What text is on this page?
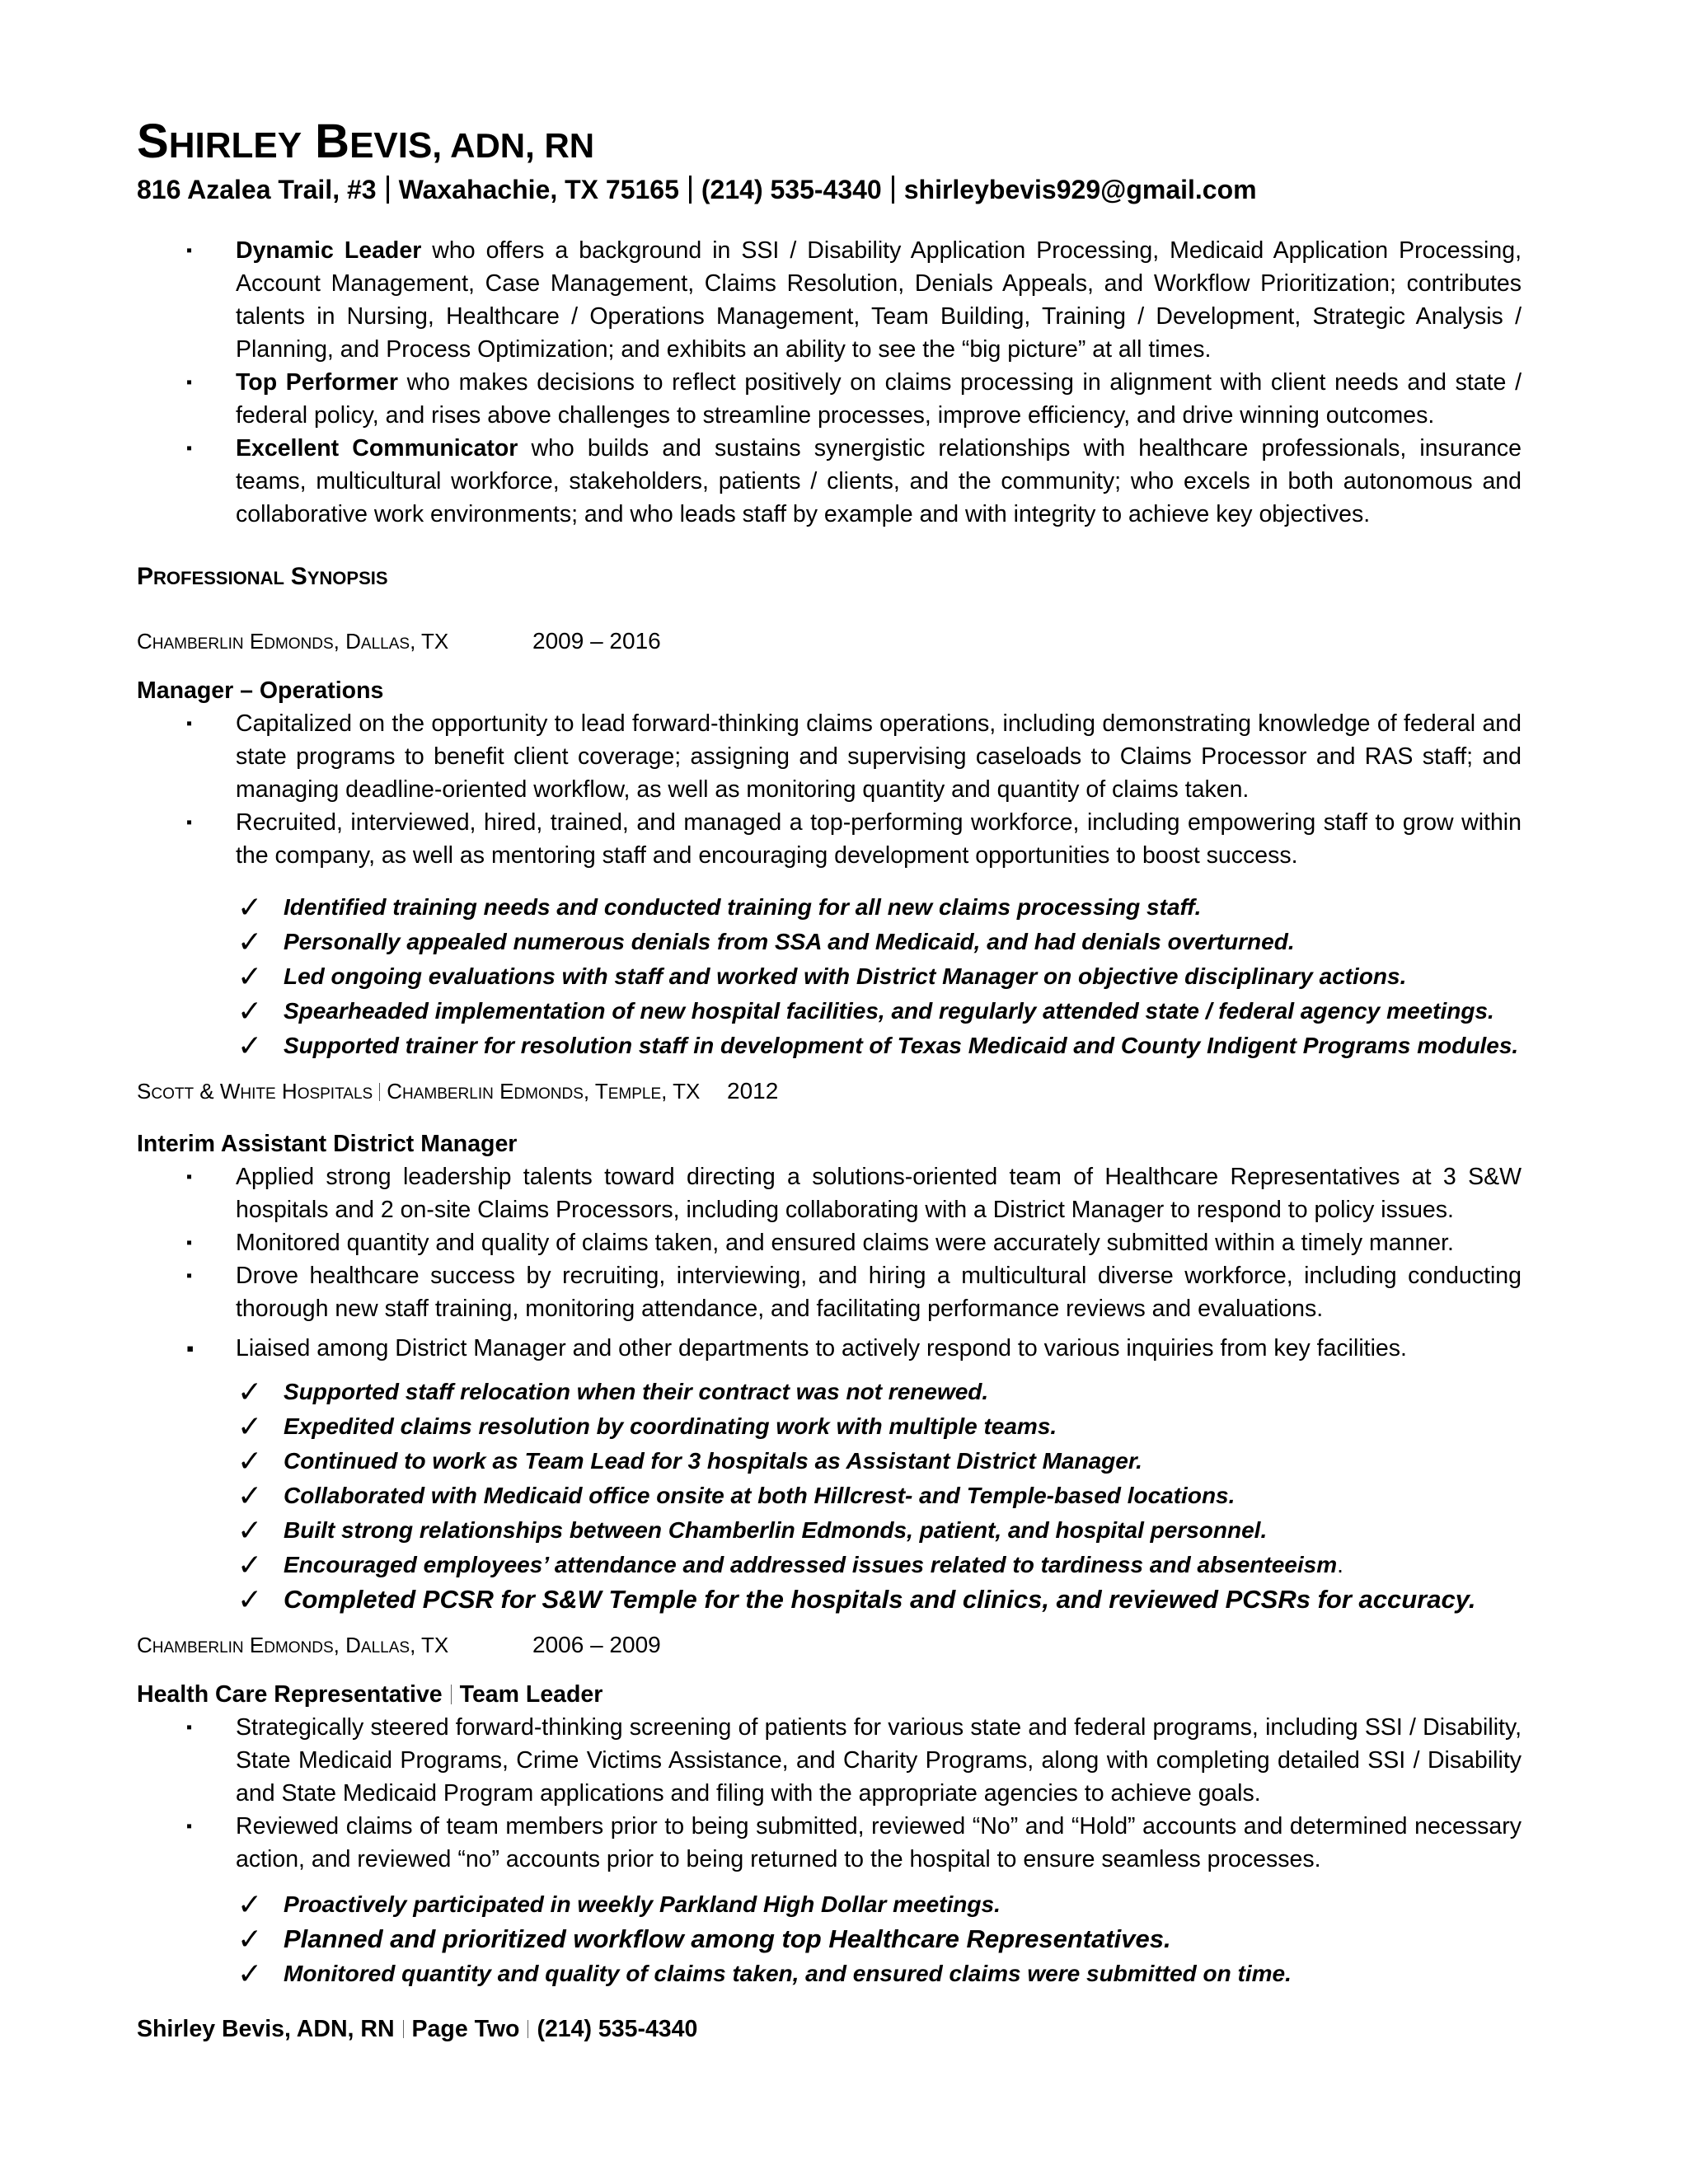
SHIRLEY BEVIS, ADN, RN
816 Azalea Trail, #3 Waxahachie, TX 75165 (214) 535-4340 shirleybevis929@gmail.com
▪	Dynamic Leader who offers a background in SSI / Disability Application Processing, Medicaid Application Processing, Account Management, Case Management, Claims Resolution, Denials Appeals, and Workflow Prioritization; contributes talents in Nursing, Healthcare / Operations Management, Team Building, Training / Development, Strategic Analysis / Planning, and Process Optimization; and exhibits an ability to see the “big picture” at all times.
▪	Top Performer who makes decisions to reflect positively on claims processing in alignment with client needs and state / federal policy, and rises above challenges to streamline processes, improve efficiency, and drive winning outcomes.
▪	Excellent Communicator who builds and sustains synergistic relationships with healthcare professionals, insurance teams, multicultural workforce, stakeholders, patients / clients, and the community; who excels in both autonomous and collaborative work environments; and who leads staff by example and with integrity to achieve key objectives.
PROFESSIONAL SYNOPSIS
CHAMBERLIN EDMONDS, DALLAS, TX	2009 – 2016
Manager – Operations
▪	Capitalized on the opportunity to lead forward-thinking claims operations, including demonstrating knowledge of federal and state programs to benefit client coverage; assigning and supervising caseloads to Claims Processor and RAS staff; and managing deadline-oriented workflow, as well as monitoring quantity and quantity of claims taken.
▪	Recruited, interviewed, hired, trained, and managed a top-performing workforce, including empowering staff to grow within the company, as well as mentoring staff and encouraging development opportunities to boost success.
✓ Identified training needs and conducted training for all new claims processing staff.
✓ Personally appealed numerous denials from SSA and Medicaid, and had denials overturned.
✓ Led ongoing evaluations with staff and worked with District Manager on objective disciplinary actions.
✓ Spearheaded implementation of new hospital facilities, and regularly attended state / federal agency meetings.
✓ Supported trainer for resolution staff in development of Texas Medicaid and County Indigent Programs modules.
SCOTT & WHITE HOSPITALS CHAMBERLIN EDMONDS, TEMPLE, TX 2012
Interim Assistant District Manager
▪	Applied strong leadership talents toward directing a solutions-oriented team of Healthcare Representatives at 3 S&W hospitals and 2 on-site Claims Processors, including collaborating with a District Manager to respond to policy issues.
▪	Monitored quantity and quality of claims taken, and ensured claims were accurately submitted within a timely manner.
▪	Drove healthcare success by recruiting, interviewing, and hiring a multicultural diverse workforce, including conducting thorough new staff training, monitoring attendance, and facilitating performance reviews and evaluations.
▪	Liaised among District Manager and other departments to actively respond to various inquiries from key facilities.
✓ Supported staff relocation when their contract was not renewed.
✓ Expedited claims resolution by coordinating work with multiple teams.
✓ Continued to work as Team Lead for 3 hospitals as Assistant District Manager.
✓ Collaborated with Medicaid office onsite at both Hillcrest- and Temple-based locations.
✓ Built strong relationships between Chamberlin Edmonds, patient, and hospital personnel.
✓ Encouraged employees’ attendance and addressed issues related to tardiness and absenteeism.
✓ Completed PCSR for S&W Temple for the hospitals and clinics, and reviewed PCSRs for accuracy.
CHAMBERLIN EDMONDS, DALLAS, TX	2006 – 2009
Health Care Representative Team Leader
▪	Strategically steered forward-thinking screening of patients for various state and federal programs, including SSI / Disability, State Medicaid Programs, Crime Victims Assistance, and Charity Programs, along with completing detailed SSI / Disability and State Medicaid Program applications and filing with the appropriate agencies to achieve goals.
▪	Reviewed claims of team members prior to being submitted, reviewed “No” and “Hold” accounts and determined necessary action, and reviewed “no” accounts prior to being returned to the hospital to ensure seamless processes.
✓ Proactively participated in weekly Parkland High Dollar meetings.
✓ Planned and prioritized workflow among top Healthcare Representatives.
✓ Monitored quantity and quality of claims taken, and ensured claims were submitted on time.
Shirley Bevis, ADN, RN Page Two (214) 535-4340
